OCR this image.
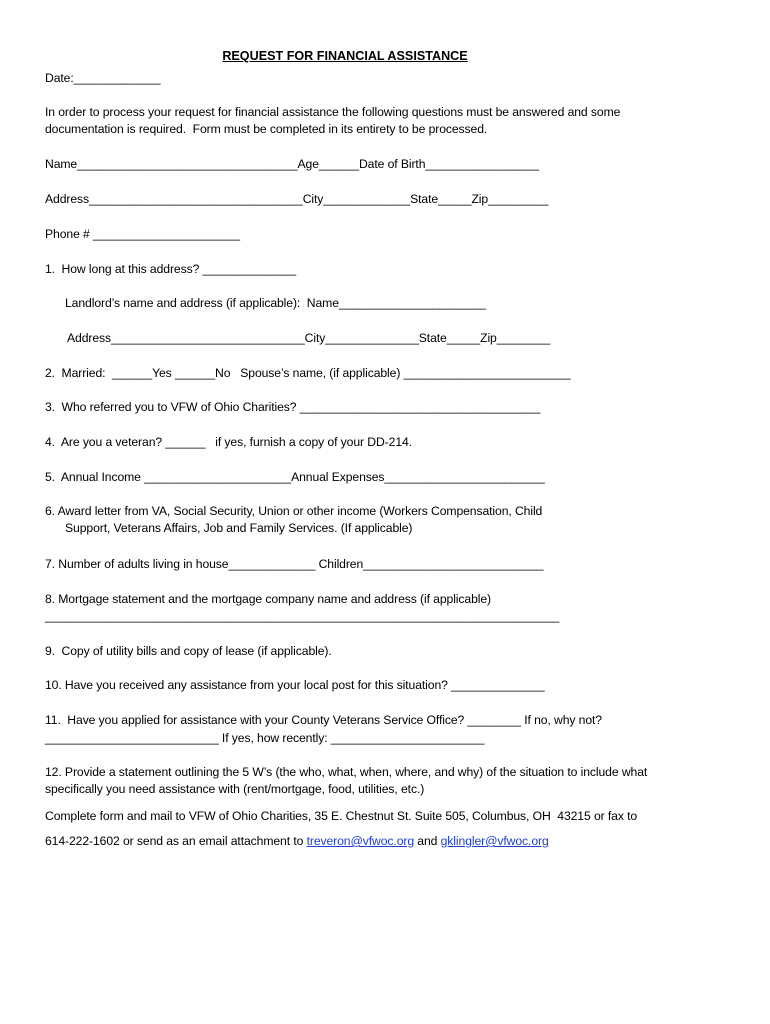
REQUEST FOR FINANCIAL ASSISTANCE
Date:_____________
In order to process your request for financial assistance the following questions must be answered and some
documentation is required.  Form must be completed in its entirety to be processed.
Name_________________________________Age______Date of Birth_________________
Address________________________________City_____________State_____Zip_________
Phone # ______________________
1.  How long at this address? ______________
Landlord’s name and address (if applicable):  Name______________________
Address_____________________________City______________State_____Zip________
2.  Married:  ______Yes ______No   Spouse’s name, (if applicable) _________________________
3.  Who referred you to VFW of Ohio Charities? ____________________________________
4.  Are you a veteran? ______   if yes, furnish a copy of your DD-214.
5.  Annual Income ______________________Annual Expenses________________________
6. Award letter from VA, Social Security, Union or other income (Workers Compensation, Child
Support, Veterans Affairs, Job and Family Services. (If applicable)
7. Number of adults living in house_____________ Children___________________________
8. Mortgage statement and the mortgage company name and address (if applicable)
_____________________________________________________________________________
9.  Copy of utility bills and copy of lease (if applicable).
10. Have you received any assistance from your local post for this situation? ______________
11.  Have you applied for assistance with your County Veterans Service Office? ________ If no, why not?
__________________________ If yes, how recently: _______________________
12. Provide a statement outlining the 5 W’s (the who, what, when, where, and why) of the situation to include what
specifically you need assistance with (rent/mortgage, food, utilities, etc.)
Complete form and mail to VFW of Ohio Charities, 35 E. Chestnut St. Suite 505, Columbus, OH  43215 or fax to
614-222-1602 or send as an email attachment to treveron@vfwoc.org and gklingler@vfwoc.org
